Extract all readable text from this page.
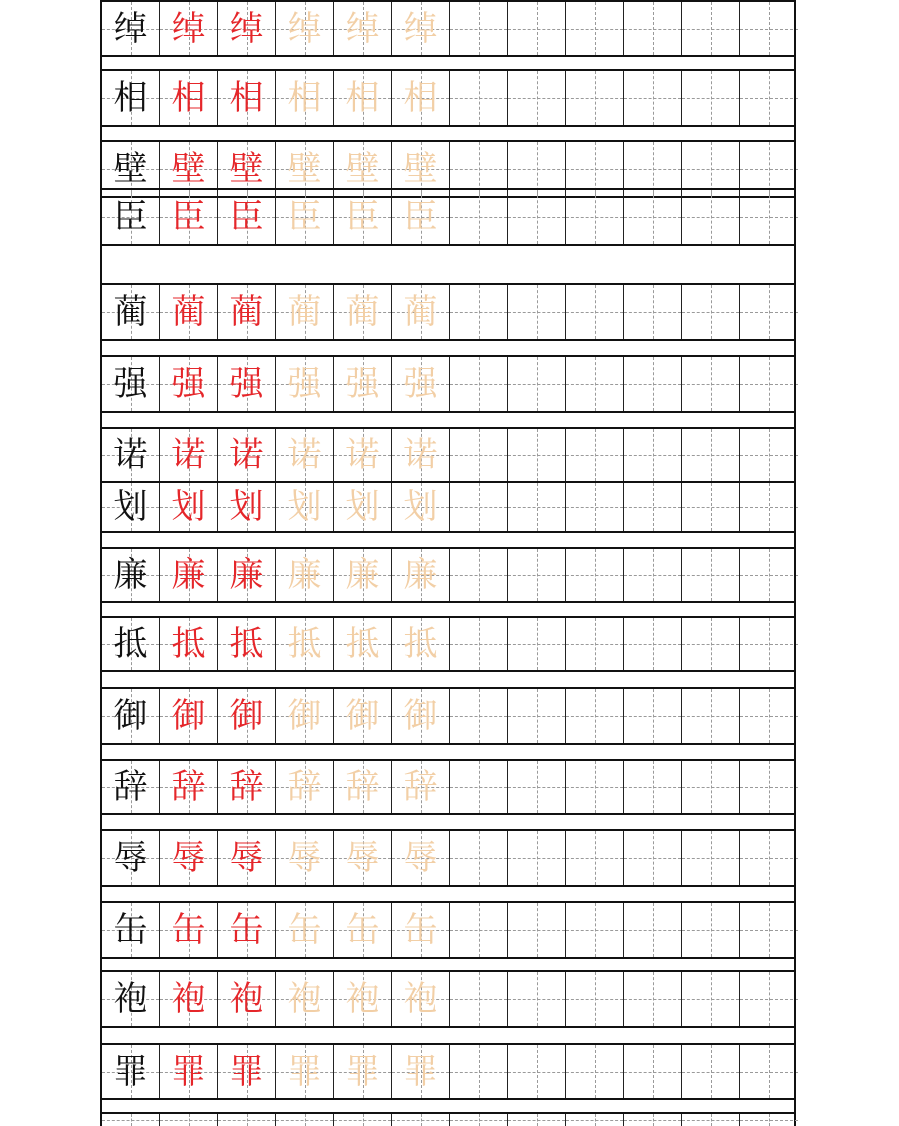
绰 绰 绰 绰 绰 绰
相 相 相 相 相 相
壁 壁 壁 壁 壁 壁
臣 臣 臣 臣 臣 臣
蔺 蔺 蔺 蔺 蔺 蔺
强 强 强 强 强 强
诺 诺 诺 诺 诺 诺
划 划 划 划 划 划
廉 廉 廉 廉 廉 廉
抵 抵 抵 抵 抵 抵
御 御 御 御 御 御
辞 辞 辞 辞 辞 辞
辱 辱 辱 辱 辱 辱
缶 缶 缶 缶 缶 缶
袍 袍 袍 袍 袍 袍
罪 罪 罪 罪 罪 罪
